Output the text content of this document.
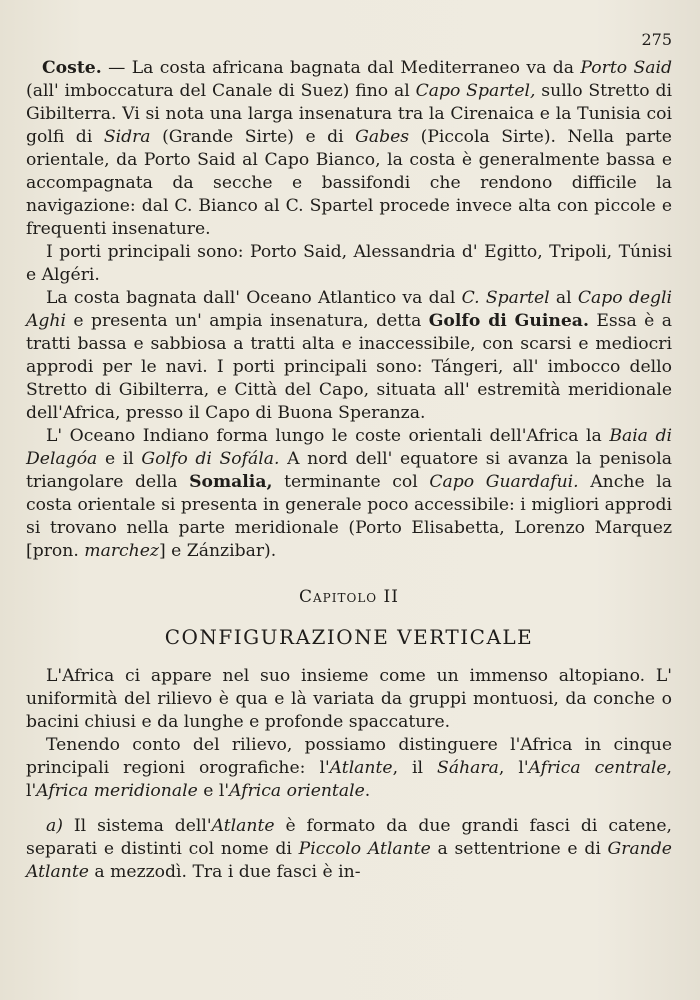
275

Coste. — La costa africana bagnata dal Mediterraneo va da Porto Said (all' imboccatura del Canale di Suez) fino al Capo Spartel, sullo Stretto di Gibilterra. Vi si nota una larga insenatura tra la Cirenaica e la Tunisia coi golfi di Sidra (Grande Sirte) e di Gabes (Piccola Sirte). Nella parte orientale, da Porto Said al Capo Bianco, la costa è generalmente bassa e accompagnata da secche e bassifondi che rendono difficile la navigazione: dal C. Bianco al C. Spartel procede invece alta con piccole e frequenti insenature.

I porti principali sono: Porto Said, Alessandria d' Egitto, Tripoli, Túnisi e Algéri.

La costa bagnata dall' Oceano Atlantico va dal C. Spartel al Capo degli Aghi e presenta un' ampia insenatura, detta Golfo di Guinea. Essa è a tratti bassa e sabbiosa a tratti alta e inaccessibile, con scarsi e mediocri approdi per le navi. I porti principali sono: Tángeri, all' imbocco dello Stretto di Gibilterra, e Città del Capo, situata all' estremità meridionale dell'Africa, presso il Capo di Buona Speranza.

L' Oceano Indiano forma lungo le coste orientali dell'Africa la Baia di Delagóa e il Golfo di Sofála. A nord dell' equatore si avanza la penisola triangolare della Somalia, terminante col Capo Guardafui. Anche la costa orientale si presenta in generale poco accessibile: i migliori approdi si trovano nella parte meridionale (Porto Elisabetta, Lorenzo Marquez [pron. marchez] e Zánzibar).

Capitolo II
CONFIGURAZIONE VERTICALE

L'Africa ci appare nel suo insieme come un immenso altopiano. L' uniformità del rilievo è qua e là variata da gruppi montuosi, da conche o bacini chiusi e da lunghe e profonde spaccature.

Tenendo conto del rilievo, possiamo distinguere l'Africa in cinque principali regioni orografiche: l'Atlante, il Sáhara, l'Africa centrale, l'Africa meridionale e l'Africa orientale.

a) Il sistema dell'Atlante è formato da due grandi fasci di catene, separati e distinti col nome di Piccolo Atlante a settentrione e di Grande Atlante a mezzodì. Tra i due fasci è in-
